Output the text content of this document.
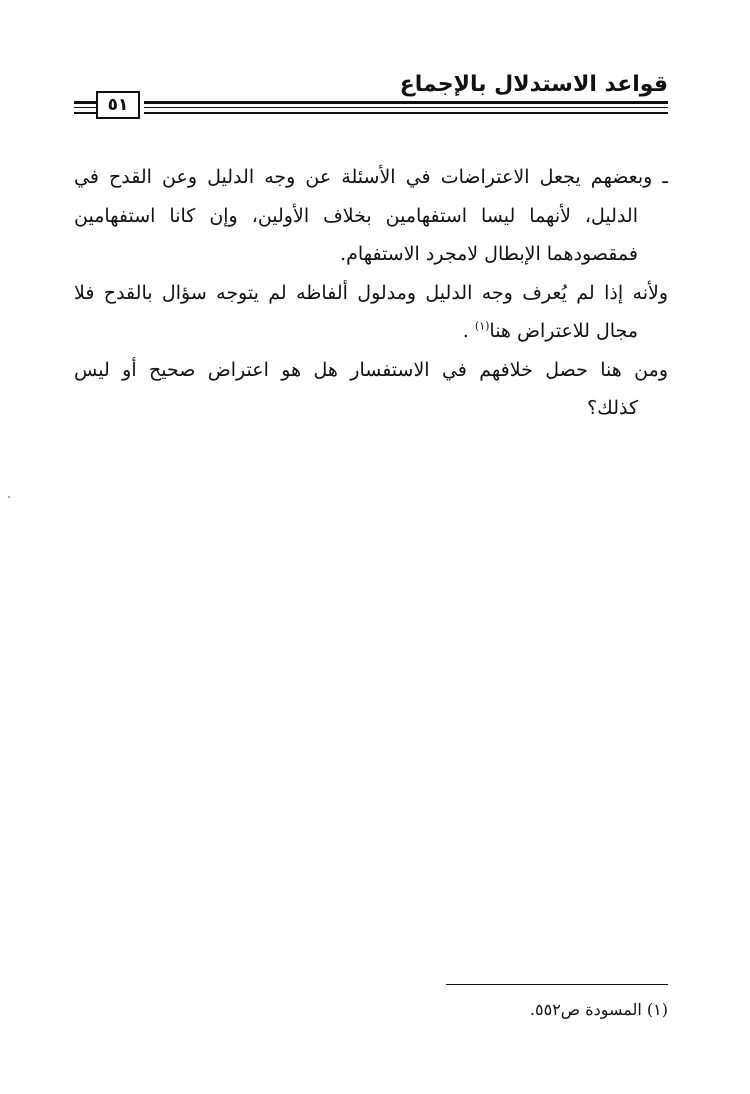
قواعد الاستدلال بالإجماع
٥١
ـ وبعضهم يجعل الاعتراضات في الأسئلة عن وجه الدليل وعن القدح في
الدليل، لأنهما ليسا استفهامين بخلاف الأولين، وإن كانا استفهامين
فمقصودهما الإبطال لامجرد الاستفهام.
ولأنه إذا لم يُعرف وجه الدليل ومدلول ألفاظه لم يتوجه سؤال بالقدح فلا
مجال للاعتراض هنا$^{(١)}$ .
ومن هنا حصل خلافهم في الاستفسار هل هو اعتراض صحيح أو ليس
كذلك؟
(١) المسودة ص٥٥٢.
